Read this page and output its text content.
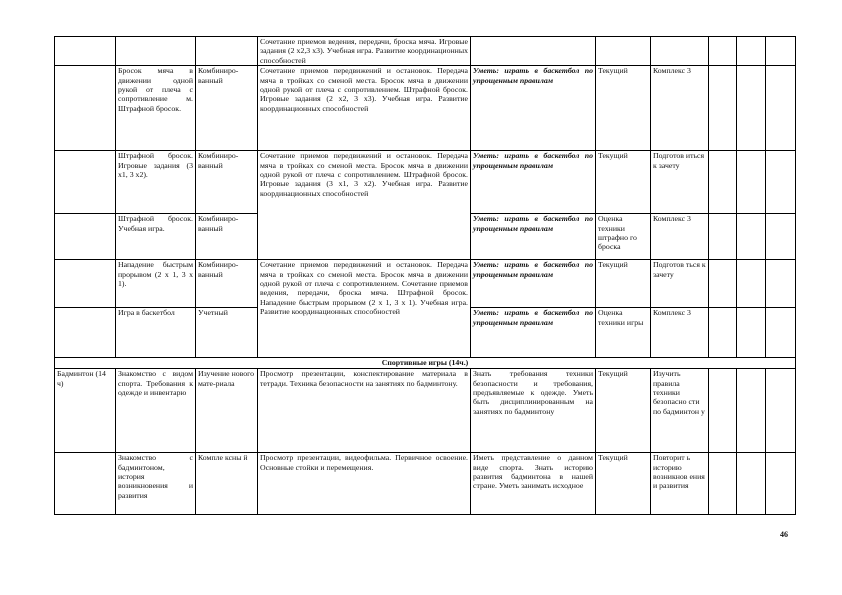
			Сочетание приемов ведения, передачи, броска мяча. Игровые задания (2 х2,3 х3). Учебная игра. Развитие координационных способностей						
	Бросок мяча в движении одной рукой от плеча с сопротивление м. Штрафной бросок.	Комбиниро-ванный	Сочетание приемов передвижений и остановок. Передача мяча в тройках со сменой места. Бросок мяча в движении одной рукой от плеча с сопротивлением. Штрафной бросок. Игровые задания (2 х2, 3 х3). Учебная игра. Развитие координационных способностей	Уметь: играть в баскетбол по упрощенным правилам	Текущий	Комплекс 3			
	Штрафной бросок. Игровые задания (3 х1, 3 х2).	Комбиниро-ванный	Сочетание приемов передвижений и остановок. Передача мяча в тройках со сменой места. Бросок мяча в движении одной рукой от плеча с сопротивлением. Штрафной бросок. Игровые задания (3 х1, 3 х2). Учебная игра. Развитие координационных способностей	Уметь: играть в баскетбол по упрощенным правилам	Текущий	Подготов иться к зачету			
	Штрафной бросок. Учебная игра.	Комбиниро-ванный		Уметь: играть в баскетбол по упрощенным правилам	Оценка техники штрафно го броска	Комплекс 3			
	Нападение быстрым прорывом (2 х 1, 3 х 1).	Комбиниро-ванный	Сочетание приемов передвижений и остановок. Передача мяча в тройках со сменой места. Бросок мяча в движении одной рукой от плеча с сопротивлением. Сочетание приемов ведения, передачи, броска мяча. Штрафной бросок. Нападение быстрым прорывом (2 х 1, 3 х 1). Учебная игра. Развитие координационных способностей	Уметь: играть в баскетбол по упрощенным правилам	Текущий	Подготов ться к зачету			
	Игра в баскетбол	Учетный		Уметь: играть в баскетбол по упрощенным правилам	Оценка техники игры	Комплекс 3			
Спортивные игры (14ч.)									
Бадминтон (14 ч)	Знакомство с видом спорта. Требования к одежде и инвентарю	Изучение нового мате-риала	Просмотр презентации, конспектирование материала в тетради. Техника безопасности на занятиях по бадминтону.	Знать требования техники безопасности и требования, предъявляемые к одежде. Уметь быть дисциплинированным на занятиях по бадминтону	Текущий	Изучить правила техники безопасно сти по бадминтон у			
	Знакомство с бадминтоном, история возникновения и развития	Компле ксны й	Просмотр презентации, видеофильма. Первичное освоение. Основные стойки и перемещения.	Иметь представление о данном виде спорта. Знать историю развития бадминтона в нашей стране. Уметь занимать исходное	Текущий	Повторит ь историю возникнов ения и развития			
46
